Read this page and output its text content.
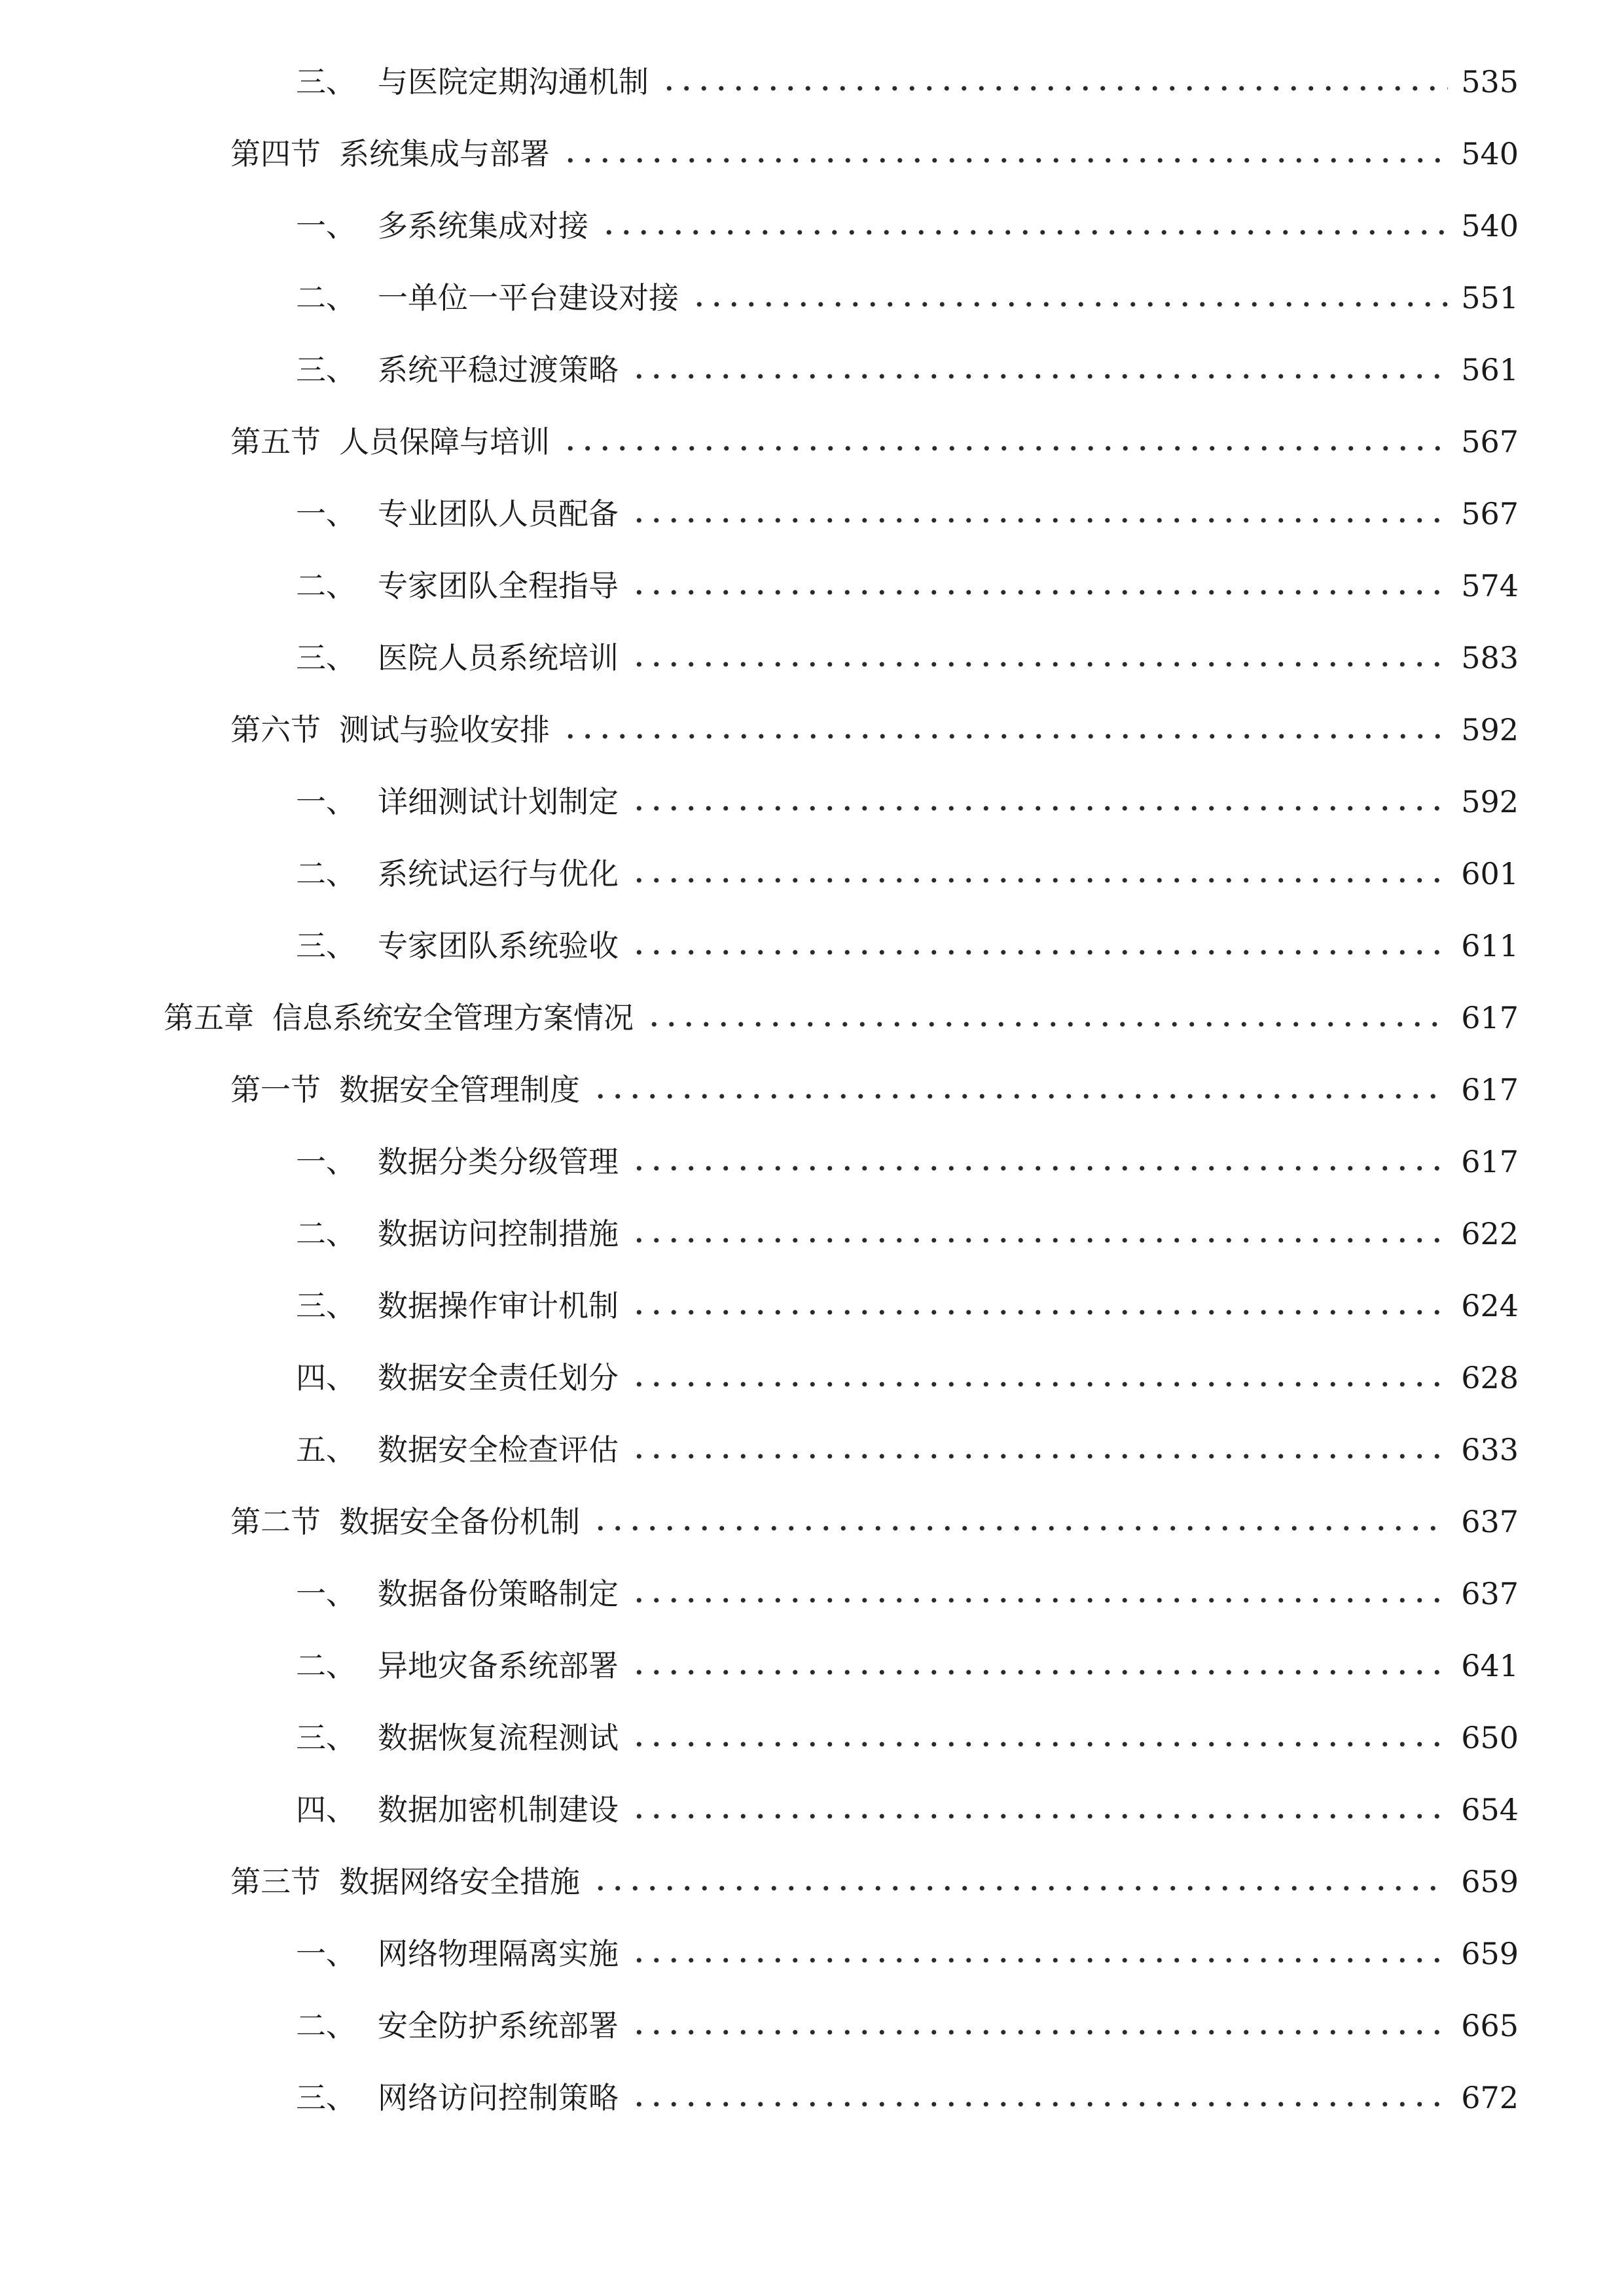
三、 与医院定期沟通机制	535
第四节 系统集成与部署	540
一、 多系统集成对接	540
二、 一单位一平台建设对接	551
三、 系统平稳过渡策略	561
第五节 人员保障与培训	567
一、 专业团队人员配备	567
二、 专家团队全程指导	574
三、 医院人员系统培训	583
第六节 测试与验收安排	592
一、 详细测试计划制定	592
二、 系统试运行与优化	601
三、 专家团队系统验收	611
第五章 信息系统安全管理方案情况	617
第一节 数据安全管理制度	617
一、 数据分类分级管理	617
二、 数据访问控制措施	622
三、 数据操作审计机制	624
四、 数据安全责任划分	628
五、 数据安全检查评估	633
第二节 数据安全备份机制	637
一、 数据备份策略制定	637
二、 异地灾备系统部署	641
三、 数据恢复流程测试	650
四、 数据加密机制建设	654
第三节 数据网络安全措施	659
一、 网络物理隔离实施	659
二、 安全防护系统部署	665
三、 网络访问控制策略	672
